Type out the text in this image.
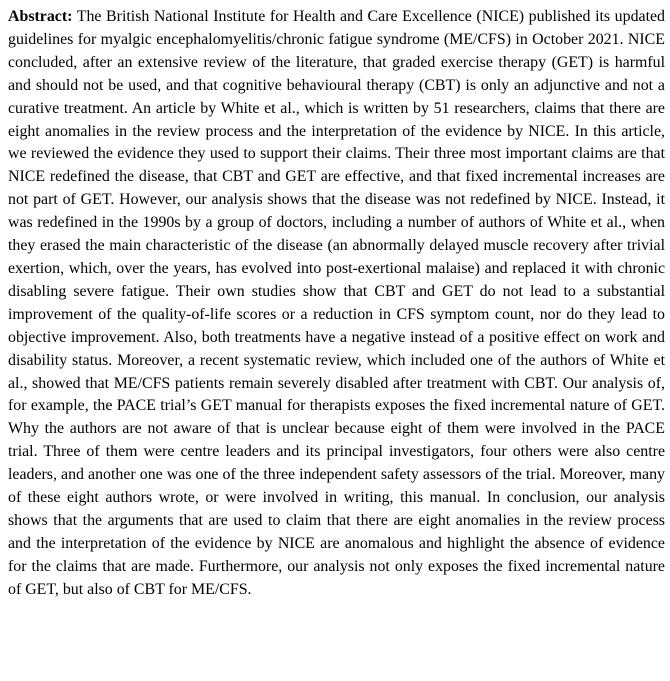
Abstract: The British National Institute for Health and Care Excellence (NICE) published its updated guidelines for myalgic encephalomyelitis/chronic fatigue syndrome (ME/CFS) in October 2021. NICE concluded, after an extensive review of the literature, that graded exercise therapy (GET) is harmful and should not be used, and that cognitive behavioural therapy (CBT) is only an adjunctive and not a curative treatment. An article by White et al., which is written by 51 researchers, claims that there are eight anomalies in the review process and the interpretation of the evidence by NICE. In this article, we reviewed the evidence they used to support their claims. Their three most important claims are that NICE redefined the disease, that CBT and GET are effective, and that fixed incremental increases are not part of GET. However, our analysis shows that the disease was not redefined by NICE. Instead, it was redefined in the 1990s by a group of doctors, including a number of authors of White et al., when they erased the main characteristic of the disease (an abnormally delayed muscle recovery after trivial exertion, which, over the years, has evolved into post-exertional malaise) and replaced it with chronic disabling severe fatigue. Their own studies show that CBT and GET do not lead to a substantial improvement of the quality-of-life scores or a reduction in CFS symptom count, nor do they lead to objective improvement. Also, both treatments have a negative instead of a positive effect on work and disability status. Moreover, a recent systematic review, which included one of the authors of White et al., showed that ME/CFS patients remain severely disabled after treatment with CBT. Our analysis of, for example, the PACE trial’s GET manual for therapists exposes the fixed incremental nature of GET. Why the authors are not aware of that is unclear because eight of them were involved in the PACE trial. Three of them were centre leaders and its principal investigators, four others were also centre leaders, and another one was one of the three independent safety assessors of the trial. Moreover, many of these eight authors wrote, or were involved in writing, this manual. In conclusion, our analysis shows that the arguments that are used to claim that there are eight anomalies in the review process and the interpretation of the evidence by NICE are anomalous and highlight the absence of evidence for the claims that are made. Furthermore, our analysis not only exposes the fixed incremental nature of GET, but also of CBT for ME/CFS.
